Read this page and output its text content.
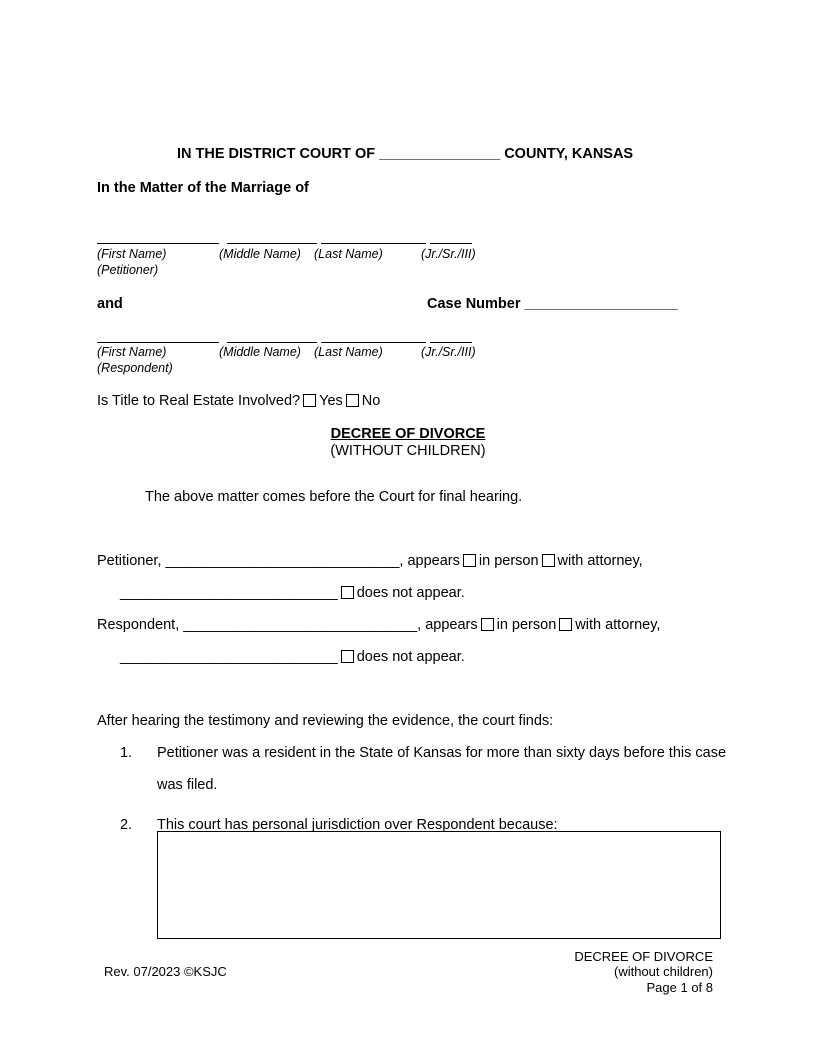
IN THE DISTRICT COURT OF _______________ COUNTY, KANSAS
In the Matter of the Marriage of
(First Name)	(Middle Name) (Last Name)	(Jr./Sr./III)
(Petitioner)
and	Case Number ___________________
(First Name)	(Middle Name) (Last Name)	(Jr./Sr./III)
(Respondent)
Is Title to Real Estate Involved? Yes No
DECREE OF DIVORCE
(WITHOUT CHILDREN)
The above matter comes before the Court for final hearing.
Petitioner, _____________________________, appears in person with attorney,
___________________________ does not appear.
Respondent, _____________________________, appears in person with attorney,
___________________________ does not appear.
After hearing the testimony and reviewing the evidence, the court finds:
1. Petitioner was a resident in the State of Kansas for more than sixty days before this case
was filed.
2. This court has personal jurisdiction over Respondent because:
Rev. 07/2023 ©KSJC
DECREE OF DIVORCE
(without children)
Page 1 of 8
